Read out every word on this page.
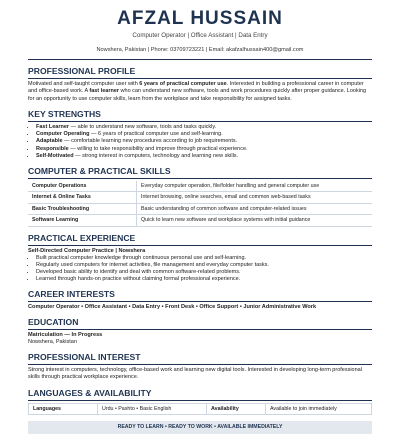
AFZAL HUSSAIN
Computer Operator | Office Assistant | Data Entry
Nowshera, Pakistan | Phone: 03709723221 | Email: akafzalhussain400@gmail.com
PROFESSIONAL PROFILE

Motivated and self-taught computer user with 6 years of practical computer use. Interested in building a professional career in computer and office-based work. A fast learner who can understand new software, tools and work procedures quickly after proper guidance. Looking for an opportunity to use computer skills, learn from the workplace and take responsibility for assigned tasks.

KEY STRENGTHS
• Fast Learner — able to understand new software, tools and tasks quickly.
• Computer Operating — 6 years of practical computer use and self-learning.
• Adaptable — comfortable learning new procedures according to job requirements.
• Responsible — willing to take responsibility and improve through practical experience.
• Self-Motivated — strong interest in computers, technology and learning new skills.
COMPUTER & PRACTICAL SKILLS
Computer Operations	Everyday computer operation, file/folder handling and general computer use
Internet & Online Tasks	Internet browsing, online searches, email and common web-based tasks
Basic Troubleshooting	Basic understanding of common software and computer-related issues
Software Learning	Quick to learn new software and workplace systems with initial guidance
PRACTICAL EXPERIENCE
Self-Directed Computer Practice | Nowshera
• Built practical computer knowledge through continuous personal use and self-learning.
• Regularly used computers for internet activities, file management and everyday computer tasks.
• Developed basic ability to identify and deal with common software-related problems.
• Learned through hands-on practice without claiming formal professional experience.
CAREER INTERESTS
Computer Operator • Office Assistant • Data Entry • Front Desk • Office Support • Junior Administrative Work
EDUCATION
Matriculation — In Progress
Nowshera, Pakistan
PROFESSIONAL INTEREST

Strong interest in computers, technology, office-based work and learning new digital tools. Interested in developing long-term professional skills through practical workplace experience.

LANGUAGES & AVAILABILITY
Languages	Urdu • Pashto • Basic English	Availability	Available to join immediately
READY TO LEARN • READY TO WORK • AVAILABLE IMMEDIATELY
